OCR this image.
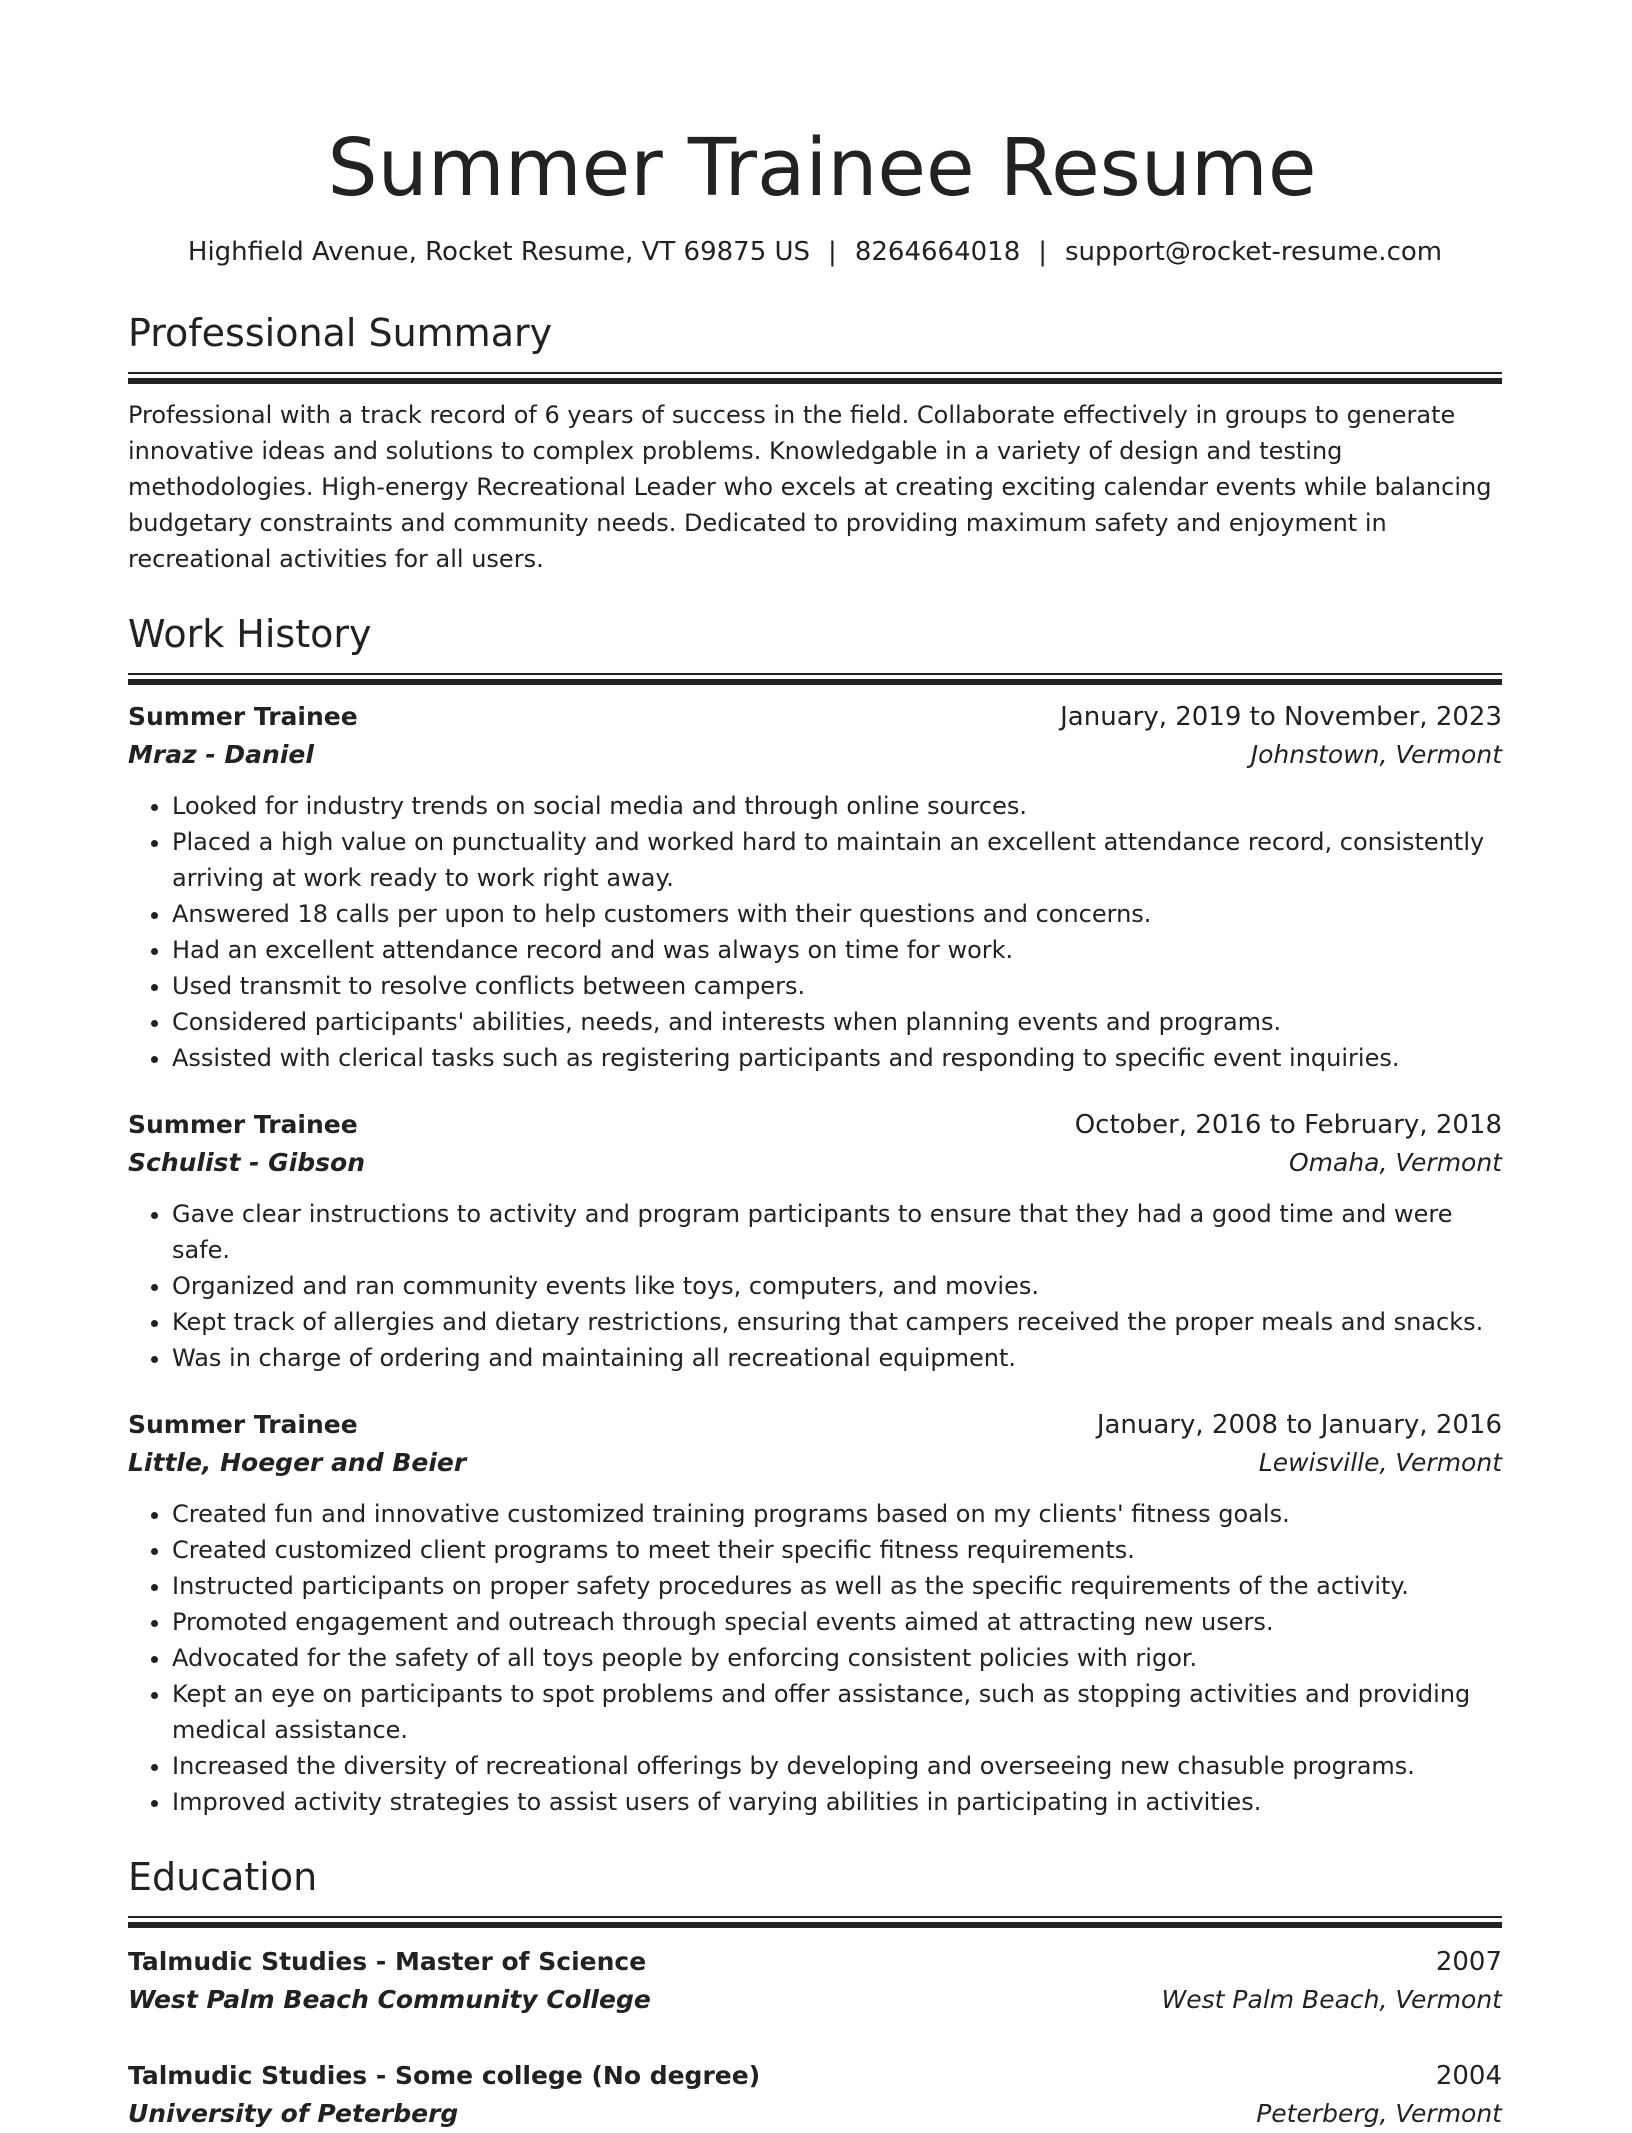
Summer Trainee Resume
Highfield Avenue, Rocket Resume, VT 69875 US | 8264664018 | support@rocket-resume.com
Professional Summary
Professional with a track record of 6 years of success in the field. Collaborate effectively in groups to generate innovative ideas and solutions to complex problems. Knowledgable in a variety of design and testing methodologies. High-energy Recreational Leader who excels at creating exciting calendar events while balancing budgetary constraints and community needs. Dedicated to providing maximum safety and enjoyment in recreational activities for all users.
Work History
Summer Trainee	January, 2019 to November, 2023
Mraz - Daniel	Johnstown, Vermont
• Looked for industry trends on social media and through online sources.
• Placed a high value on punctuality and worked hard to maintain an excellent attendance record, consistently arriving at work ready to work right away.
• Answered 18 calls per upon to help customers with their questions and concerns.
• Had an excellent attendance record and was always on time for work.
• Used transmit to resolve conflicts between campers.
• Considered participants' abilities, needs, and interests when planning events and programs.
• Assisted with clerical tasks such as registering participants and responding to specific event inquiries.
Summer Trainee	October, 2016 to February, 2018
Schulist - Gibson	Omaha, Vermont
• Gave clear instructions to activity and program participants to ensure that they had a good time and were safe.
• Organized and ran community events like toys, computers, and movies.
• Kept track of allergies and dietary restrictions, ensuring that campers received the proper meals and snacks.
• Was in charge of ordering and maintaining all recreational equipment.
Summer Trainee	January, 2008 to January, 2016
Little, Hoeger and Beier	Lewisville, Vermont
• Created fun and innovative customized training programs based on my clients' fitness goals.
• Created customized client programs to meet their specific fitness requirements.
• Instructed participants on proper safety procedures as well as the specific requirements of the activity.
• Promoted engagement and outreach through special events aimed at attracting new users.
• Advocated for the safety of all toys people by enforcing consistent policies with rigor.
• Kept an eye on participants to spot problems and offer assistance, such as stopping activities and providing medical assistance.
• Increased the diversity of recreational offerings by developing and overseeing new chasuble programs.
• Improved activity strategies to assist users of varying abilities in participating in activities.
Education
Talmudic Studies - Master of Science	2007
West Palm Beach Community College	West Palm Beach, Vermont
Talmudic Studies - Some college (No degree)	2004
University of Peterberg	Peterberg, Vermont
